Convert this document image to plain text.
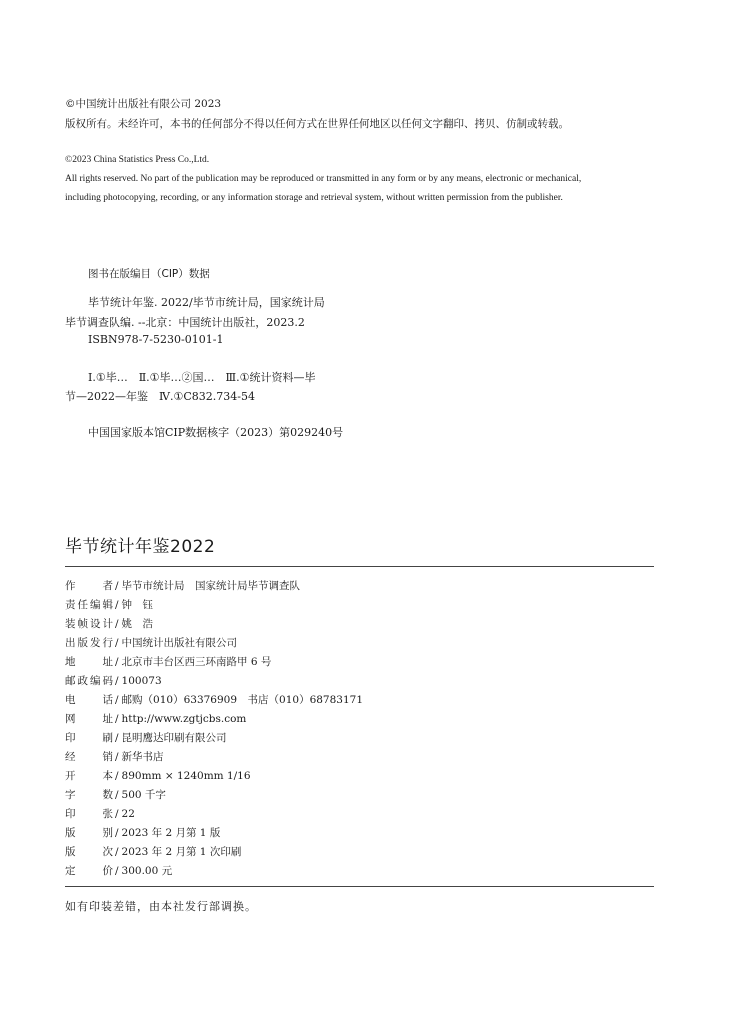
©中国统计出版社有限公司 2023
版权所有。未经许可，本书的任何部分不得以任何方式在世界任何地区以任何文字翻印、拷贝、仿制或转载。
©2023 China Statistics Press Co.,Ltd.
All rights reserved. No part of the publication may be reproduced or transmitted in any form or by any means, electronic or mechanical,
including photocopying, recording, or any information storage and retrieval system, without written permission from the publisher.
图书在版编目（CIP）数据
毕节统计年鉴. 2022/毕节市统计局，国家统计局
毕节调查队编. --北京：中国统计出版社，2023.2
ISBN978-7-5230-0101-1
Ⅰ.①毕…　Ⅱ.①毕…②国…　Ⅲ.①统计资料—毕
节—2022—年鉴　Ⅳ.①C832.734-54
中国国家版本馆CIP数据核字（2023）第029240号
毕节统计年鉴2022
作者 / 毕节市统计局　国家统计局毕节调查队
责任编辑 / 钟　钰
装帧设计 / 姚　浩
出版发行 / 中国统计出版社有限公司
地址 / 北京市丰台区西三环南路甲 6 号
邮政编码 / 100073
电话 / 邮购（010）63376909　书店（010）68783171
网址 / http://www.zgtjcbs.com
印刷 / 昆明鹰达印刷有限公司
经销 / 新华书店
开本 / 890mm × 1240mm 1/16
字数 / 500 千字
印张 / 22
版别 / 2023 年 2 月第 1 版
版次 / 2023 年 2 月第 1 次印刷
定价 / 300.00 元
如有印装差错，由本社发行部调换。
